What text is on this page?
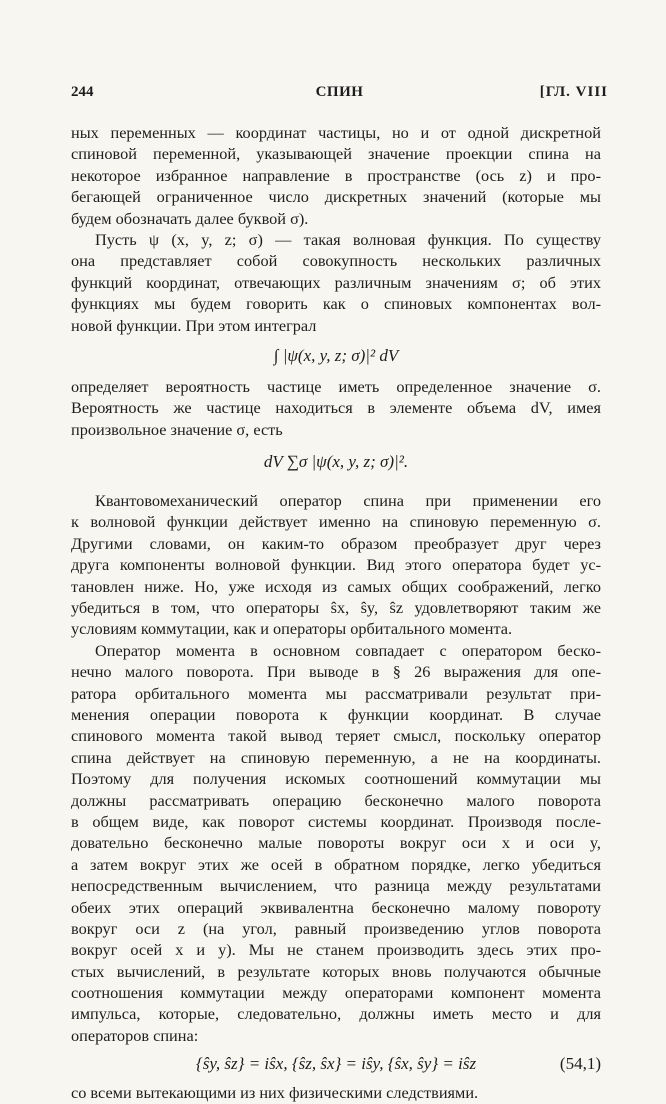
244	СПИН	[ГЛ. VIII
ных переменных — координат частицы, но и от одной дискретной
спиновой переменной, указывающей значение проекции спина на
некоторое избранное направление в пространстве (ось z) и про-
бегающей ограниченное число дискретных значений (которые мы
будем обозначать далее буквой σ).
Пусть ψ (x, y, z; σ) — такая волновая функция. По существу
она представляет собой совокупность нескольких различных
функций координат, отвечающих различным значениям σ; об этих
функциях мы будем говорить как о спиновых компонентах вол-
новой функции. При этом интеграл
∫ |ψ(x, y, z; σ)|² dV
определяет вероятность частице иметь определенное значение σ.
Вероятность же частице находиться в элементе объема dV, имея
произвольное значение σ, есть
dV ∑σ |ψ(x, y, z; σ)|².
Квантовомеханический оператор спина при применении его
к волновой функции действует именно на спиновую переменную σ.
Другими словами, он каким-то образом преобразует друг через
друга компоненты волновой функции. Вид этого оператора будет ус-
тановлен ниже. Но, уже исходя из самых общих соображений, легко
убедиться в том, что операторы ŝx, ŝy, ŝz удовлетворяют таким же
условиям коммутации, как и операторы орбитального момента.
Оператор момента в основном совпадает с оператором беско-
нечно малого поворота. При выводе в § 26 выражения для опе-
ратора орбитального момента мы рассматривали результат при-
менения операции поворота к функции координат. В случае
спинового момента такой вывод теряет смысл, поскольку оператор
спина действует на спиновую переменную, а не на координаты.
Поэтому для получения искомых соотношений коммутации мы
должны рассматривать операцию бесконечно малого поворота
в общем виде, как поворот системы координат. Производя после-
довательно бесконечно малые повороты вокруг оси x и оси y,
а затем вокруг этих же осей в обратном порядке, легко убедиться
непосредственным вычислением, что разница между результатами
обеих этих операций эквивалентна бесконечно малому повороту
вокруг оси z (на угол, равный произведению углов поворота
вокруг осей x и y). Мы не станем производить здесь этих про-
стых вычислений, в результате которых вновь получаются обычные
соотношения коммутации между операторами компонент момента
импульса, которые, следовательно, должны иметь место и для
операторов спина:
{ŝy, ŝz} = iŝx, {ŝz, ŝx} = iŝy, {ŝx, ŝy} = iŝz	(54,1)
со всеми вытекающими из них физическими следствиями.
